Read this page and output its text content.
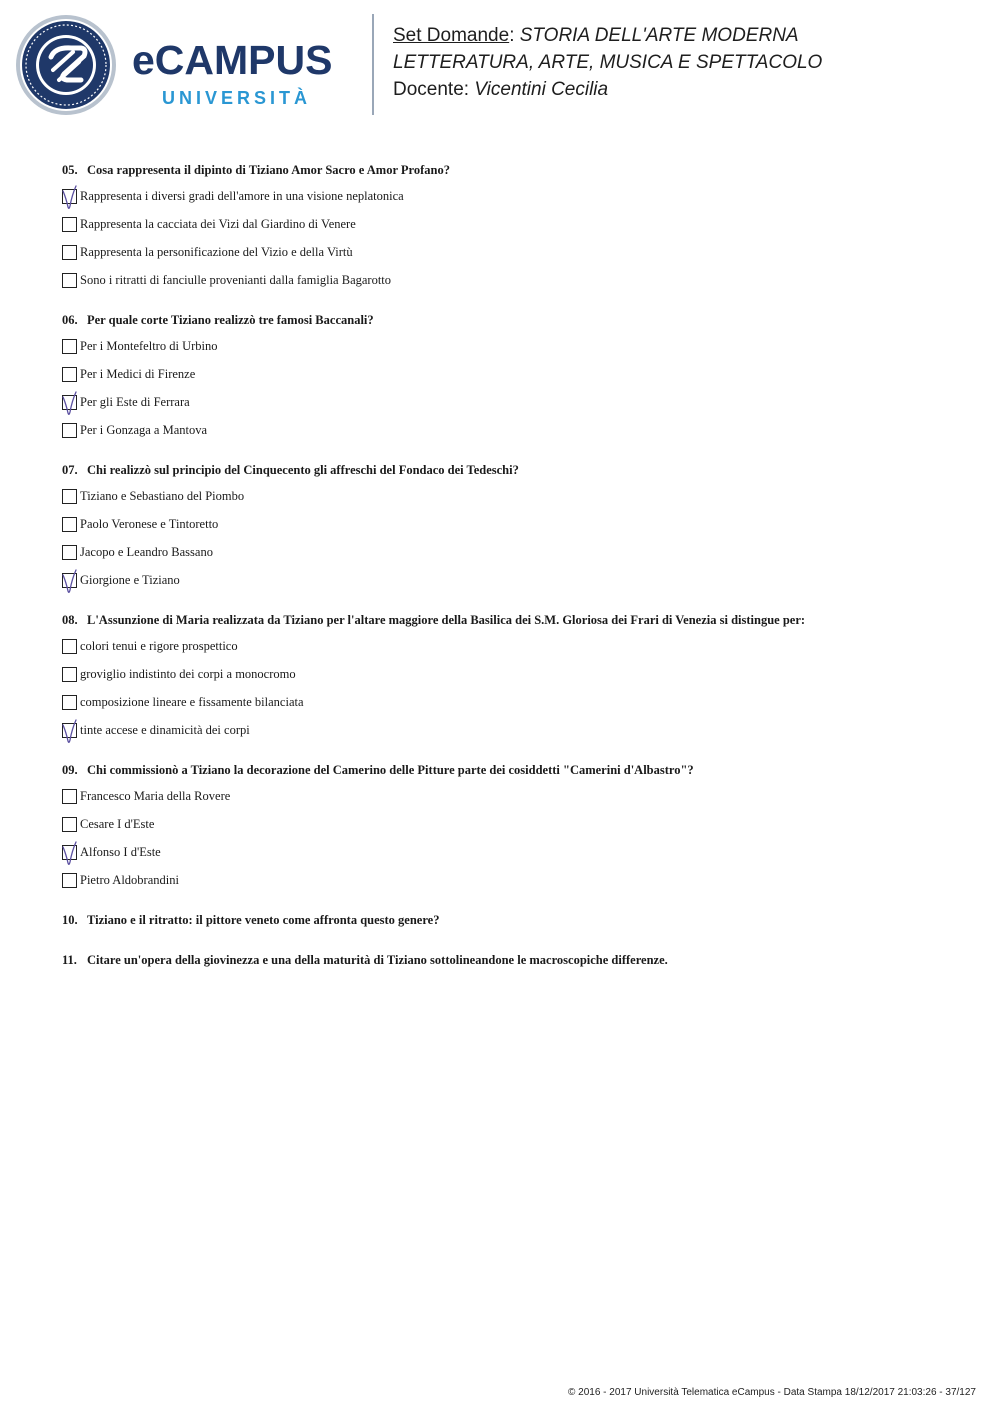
eCAMPUS
UNIVERSITÀ
Set Domande: STORIA DELL'ARTE MODERNA
LETTERATURA, ARTE, MUSICA E SPETTACOLO
Docente: Vicentini Cecilia
05. Cosa rappresenta il dipinto di Tiziano Amor Sacro e Amor Profano?
Rappresenta i diversi gradi dell'amore in una visione neplatonica
Rappresenta la cacciata dei Vizi dal Giardino di Venere
Rappresenta la personificazione del Vizio e della Virtù
Sono i ritratti di fanciulle provenianti dalla famiglia Bagarotto
06. Per quale corte Tiziano realizzò tre famosi Baccanali?
Per i Montefeltro di Urbino
Per i Medici di Firenze
Per gli Este di Ferrara
Per i Gonzaga a Mantova
07. Chi realizzò sul principio del Cinquecento gli affreschi del Fondaco dei Tedeschi?
Tiziano e Sebastiano del Piombo
Paolo Veronese e Tintoretto
Jacopo e Leandro Bassano
Giorgione e Tiziano
08. L'Assunzione di Maria realizzata da Tiziano per l'altare maggiore della Basilica dei S.M. Gloriosa dei Frari di Venezia si distingue per:
colori tenui e rigore prospettico
groviglio indistinto dei corpi a monocromo
composizione lineare e fissamente bilanciata
tinte accese e dinamicità dei corpi
09. Chi commissionò a Tiziano la decorazione del Camerino delle Pitture parte dei cosiddetti "Camerini d'Albastro"?
Francesco Maria della Rovere
Cesare I d'Este
Alfonso I d'Este
Pietro Aldobrandini
10. Tiziano e il ritratto: il pittore veneto come affronta questo genere?
11. Citare un'opera della giovinezza e una della maturità di Tiziano sottolineandone le macroscopiche differenze.
© 2016 - 2017 Università Telematica eCampus - Data Stampa 18/12/2017 21:03:26 - 37/127
